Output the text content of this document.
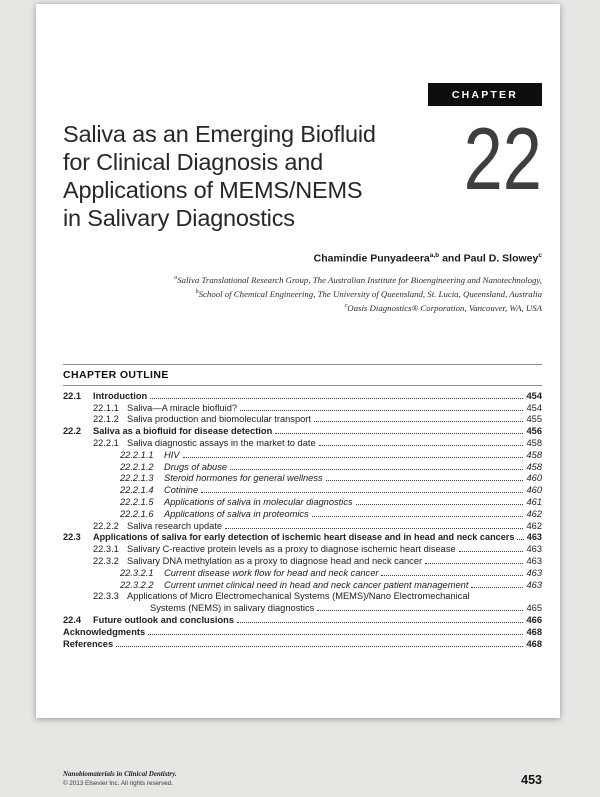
CHAPTER
Saliva as an Emerging Biofluid
for Clinical Diagnosis and
Applications of MEMS/NEMS
in Salivary Diagnostics
22
Chamindie Punyadeera$^{a,b}$ and Paul D. Slowey$^c$
$^a$Saliva Translational Research Group, The Australian Institute for Bioengineering and Nanotechnology,
$^b$School of Chemical Engineering, The University of Queensland, St. Lucia, Queensland, Australia
$^c$Oasis Diagnostics® Corporation, Vancouver, WA, USA
CHAPTER OUTLINE
22.1	Introduction	454
22.1.1 Saliva—A miracle biofluid?	454
22.1.2 Saliva production and biomolecular transport	455
22.2	Saliva as a biofluid for disease detection	456
22.2.1 Saliva diagnostic assays in the market to date	458
22.2.1.1	HIV	458
22.2.1.2	Drugs of abuse	458
22.2.1.3	Steroid hormones for general wellness	460
22.2.1.4	Cotinine	460
22.2.1.5	Applications of saliva in molecular diagnostics	461
22.2.1.6	Applications of saliva in proteomics	462
22.2.2 Saliva research update	462
22.3	Applications of saliva for early detection of ischemic heart disease and in head and neck cancers 463
22.3.1 Salivary C-reactive protein levels as a proxy to diagnose ischemic heart disease	463
22.3.2 Salivary DNA methylation as a proxy to diagnose head and neck cancer	463
22.3.2.1	Current disease work flow for head and neck cancer	463
22.3.2.2	Current unmet clinical need in head and neck cancer patient management	463
22.3.3 Applications of Micro Electromechanical Systems (MEMS)/Nano Electromechanical
Systems (NEMS) in salivary diagnostics	465
22.4	Future outlook and conclusions	466
Acknowledgments	468
References	468
Nanobiomaterials in Clinical Dentistry.
© 2013 Elsevier Inc. All rights reserved.	453
